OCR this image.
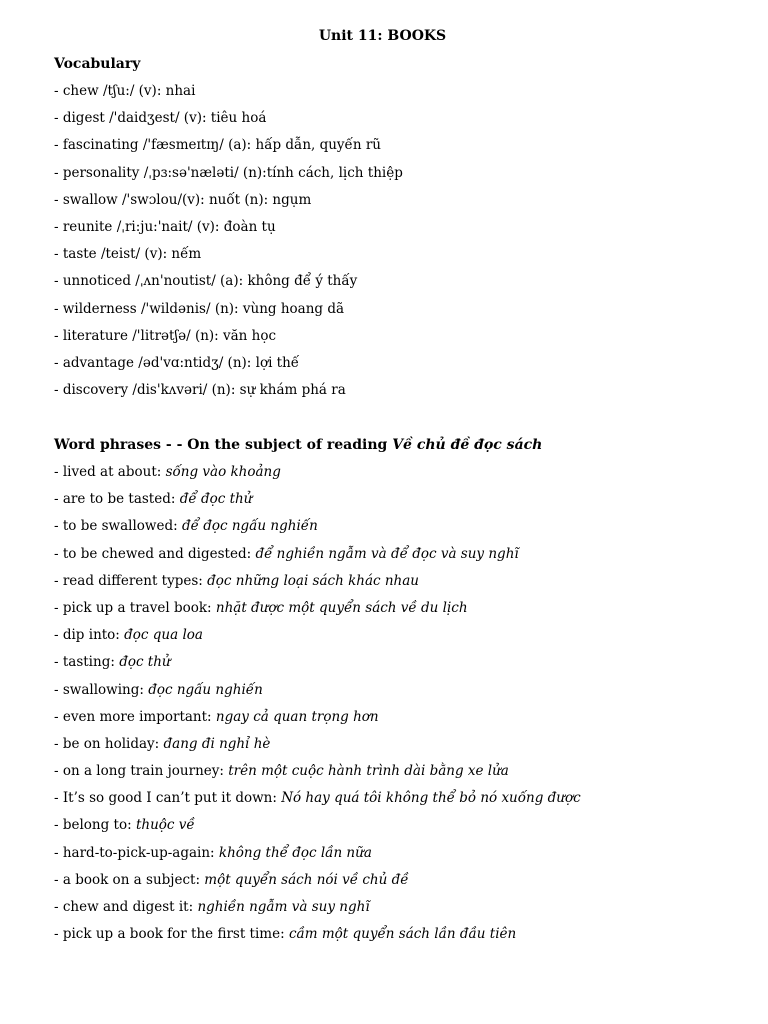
Unit 11: BOOKS
Vocabulary
- chew /tʃu:/ (v): nhai
- digest /'daidʒest/ (v): tiêu hoá
- fascinating /'fæsmeɪtɪŋ/ (a): hấp dẫn, quyến rũ
- personality /ˌpɜ:sə'næləti/ (n):tính cách, lịch thiệp
- swallow /'swɔlou/(v): nuốt (n): ngụm
- reunite /ˌri:ju:'nait/ (v): đoàn tụ
- taste /teist/ (v): nếm
- unnoticed /ˌʌn'noutist/ (a): không để ý thấy
- wilderness /'wildənis/ (n): vùng hoang dã
- literature /'litrətʃə/ (n): văn học
- advantage /əd'vɑ:ntidʒ/ (n): lợi thế
- discovery /dis'kʌvəri/ (n): sự khám phá ra
Word phrases - - On the subject of reading Về chủ đề đọc sách
- lived at about: sống vào khoảng
- are to be tasted: để đọc thử
- to be swallowed: để đọc ngấu nghiến
- to be chewed and digested: để nghiền ngẫm và để đọc và suy nghĩ
- read different types: đọc những loại sách khác nhau
- pick up a travel book: nhặt được một quyển sách về du lịch
- dip into: đọc qua loa
- tasting: đọc thử
- swallowing: đọc ngấu nghiến
- even more important: ngay cả quan trọng hơn
- be on holiday: đang đi nghỉ hè
- on a long train journey: trên một cuộc hành trình dài bằng xe lửa
- It’s so good I can’t put it down: Nó hay quá tôi không thể bỏ nó xuống được
- belong to: thuộc về
- hard-to-pick-up-again: không thể đọc lần nữa
- a book on a subject: một quyển sách nói về chủ đề
- chew and digest it: nghiền ngẫm và suy nghĩ
- pick up a book for the first time: cầm một quyển sách lần đầu tiên
